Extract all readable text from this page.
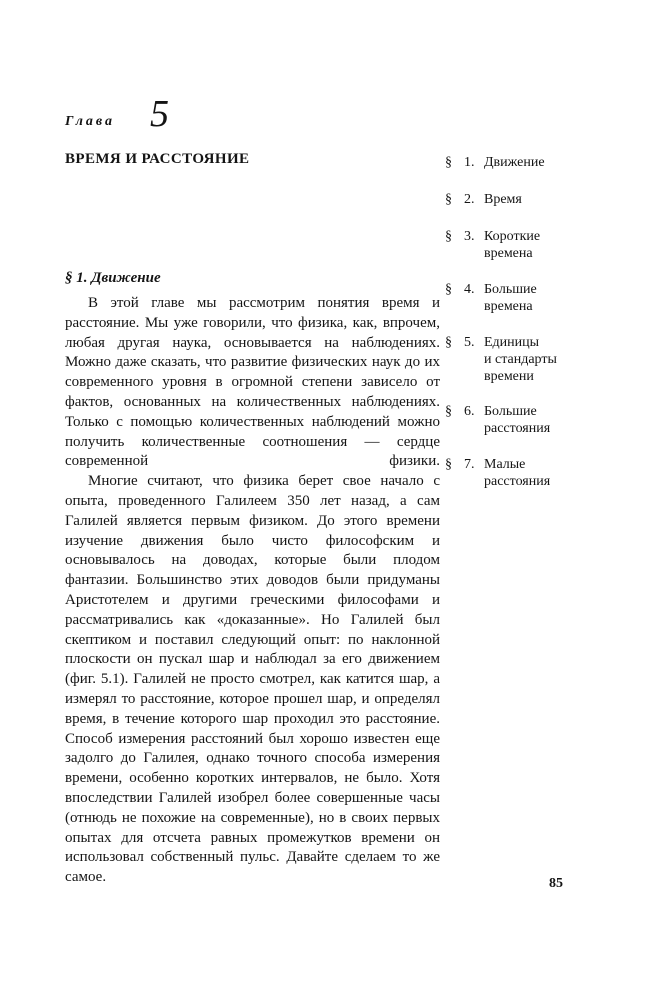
Глава 5
ВРЕМЯ И РАССТОЯНИЕ	§ 1. Движение
§ 2. Время
§ 3. Короткие
времена
§ 4. Большие
времена
§ 5. Единицы
и стандарты
времени
§ 6. Большие
расстояния
§ 7. Малые
расстояния
§ 1. Движение

В этой главе мы рассмотрим понятия время и расстояние. Мы уже говорили, что физика, как, впрочем, любая другая наука, основывается на наблюдениях. Можно даже сказать, что развитие физических наук до их современного уровня в огромной степени зависело от фактов, основанных на количественных наблюдениях. Только с помощью количественных наблюдений можно получить количественные соотношения — сердце современной физики.

Многие считают, что физика берет свое начало с опыта, проведенного Галилеем 350 лет назад, а сам Галилей является первым физиком. До этого времени изучение движения было чисто философским и основывалось на доводах, которые были плодом фантазии. Большинство этих доводов были придуманы Аристотелем и другими греческими философами и рассматривались как «доказанные». Но Галилей был скептиком и поставил следующий опыт: по наклонной плоскости он пускал шар и наблюдал за его движением (фиг. 5.1). Галилей не просто смотрел, как катится шар, а измерял то расстояние, которое прошел шар, и определял время, в течение которого шар проходил это расстояние. Способ измерения расстояний был хорошо известен еще задолго до Галилея, однако точного способа измерения времени, особенно коротких интервалов, не было. Хотя впоследствии Галилей изобрел более совершенные часы (отнюдь не похожие на современные), но в своих первых опытах для отсчета равных промежутков времени он использовал собственный пульс. Давайте сделаем то же самое.	85
